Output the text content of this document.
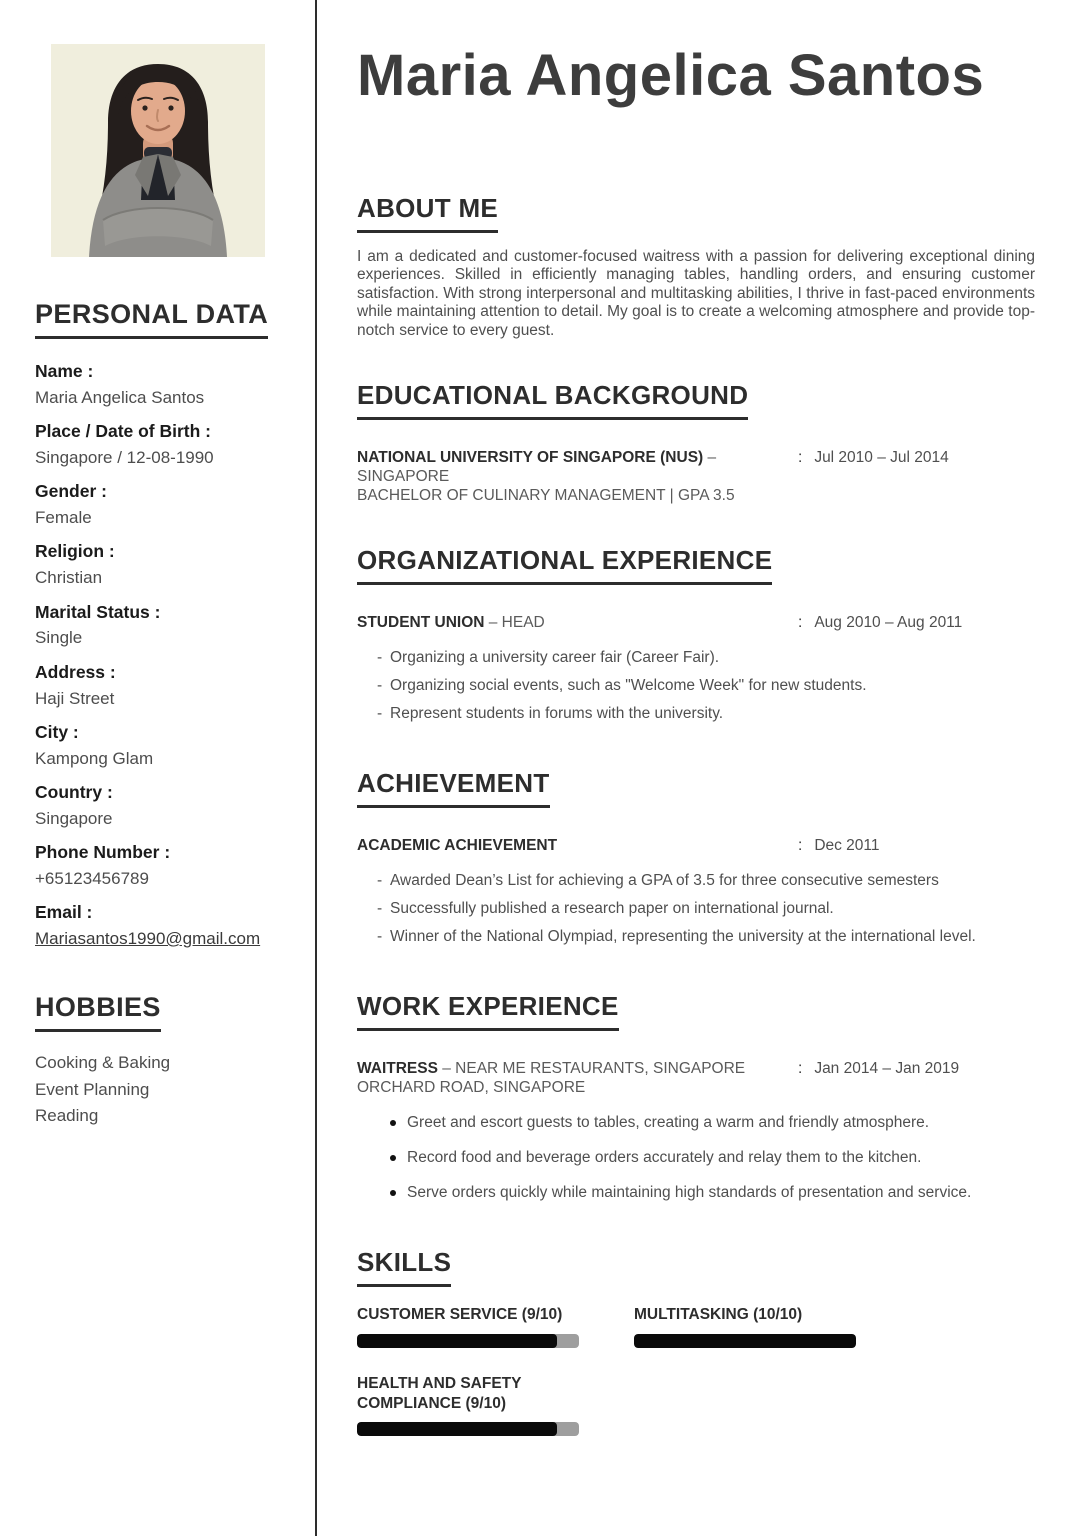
PERSONAL DATA
Name :
Maria Angelica Santos
Place / Date of Birth :
Singapore / 12-08-1990
Gender :
Female
Religion :
Christian
Marital Status :
Single
Address :
Haji Street
City :
Kampong Glam
Country :
Singapore
Phone Number :
+65123456789
Email :
Mariasantos1990@gmail.com
HOBBIES
Cooking & Baking
Event Planning
Reading
Maria Angelica Santos
ABOUT ME

I am a dedicated and customer-focused waitress with a passion for delivering exceptional dining experiences. Skilled in efficiently managing tables, handling orders, and ensuring customer satisfaction. With strong interpersonal and multitasking abilities, I thrive in fast-paced environments while maintaining attention to detail. My goal is to create a welcoming atmosphere and provide top-notch service to every guest.

EDUCATIONAL BACKGROUND
NATIONAL UNIVERSITY OF SINGAPORE (NUS) –
SINGAPORE
BACHELOR OF CULINARY MANAGEMENT | GPA 3.5
: Jul 2010 – Jul 2014
ORGANIZATIONAL EXPERIENCE
STUDENT UNION – HEAD	: Aug 2010 – Aug 2011
- Organizing a university career fair (Career Fair).
- Organizing social events, such as "Welcome Week" for new students.
- Represent students in forums with the university.
ACHIEVEMENT
ACADEMIC ACHIEVEMENT	: Dec 2011
- Awarded Dean’s List for achieving a GPA of 3.5 for three consecutive semesters
- Successfully published a research paper on international journal.
- Winner of the National Olympiad, representing the university at the international level.
WORK EXPERIENCE
WAITRESS – NEAR ME RESTAURANTS, SINGAPORE
ORCHARD ROAD, SINGAPORE
: Jan 2014 – Jan 2019
Greet and escort guests to tables, creating a warm and friendly atmosphere.
Record food and beverage orders accurately and relay them to the kitchen.
Serve orders quickly while maintaining high standards of presentation and service.
SKILLS
CUSTOMER SERVICE (9/10)	MULTITASKING (10/10)
HEALTH AND SAFETY COMPLIANCE (9/10)
